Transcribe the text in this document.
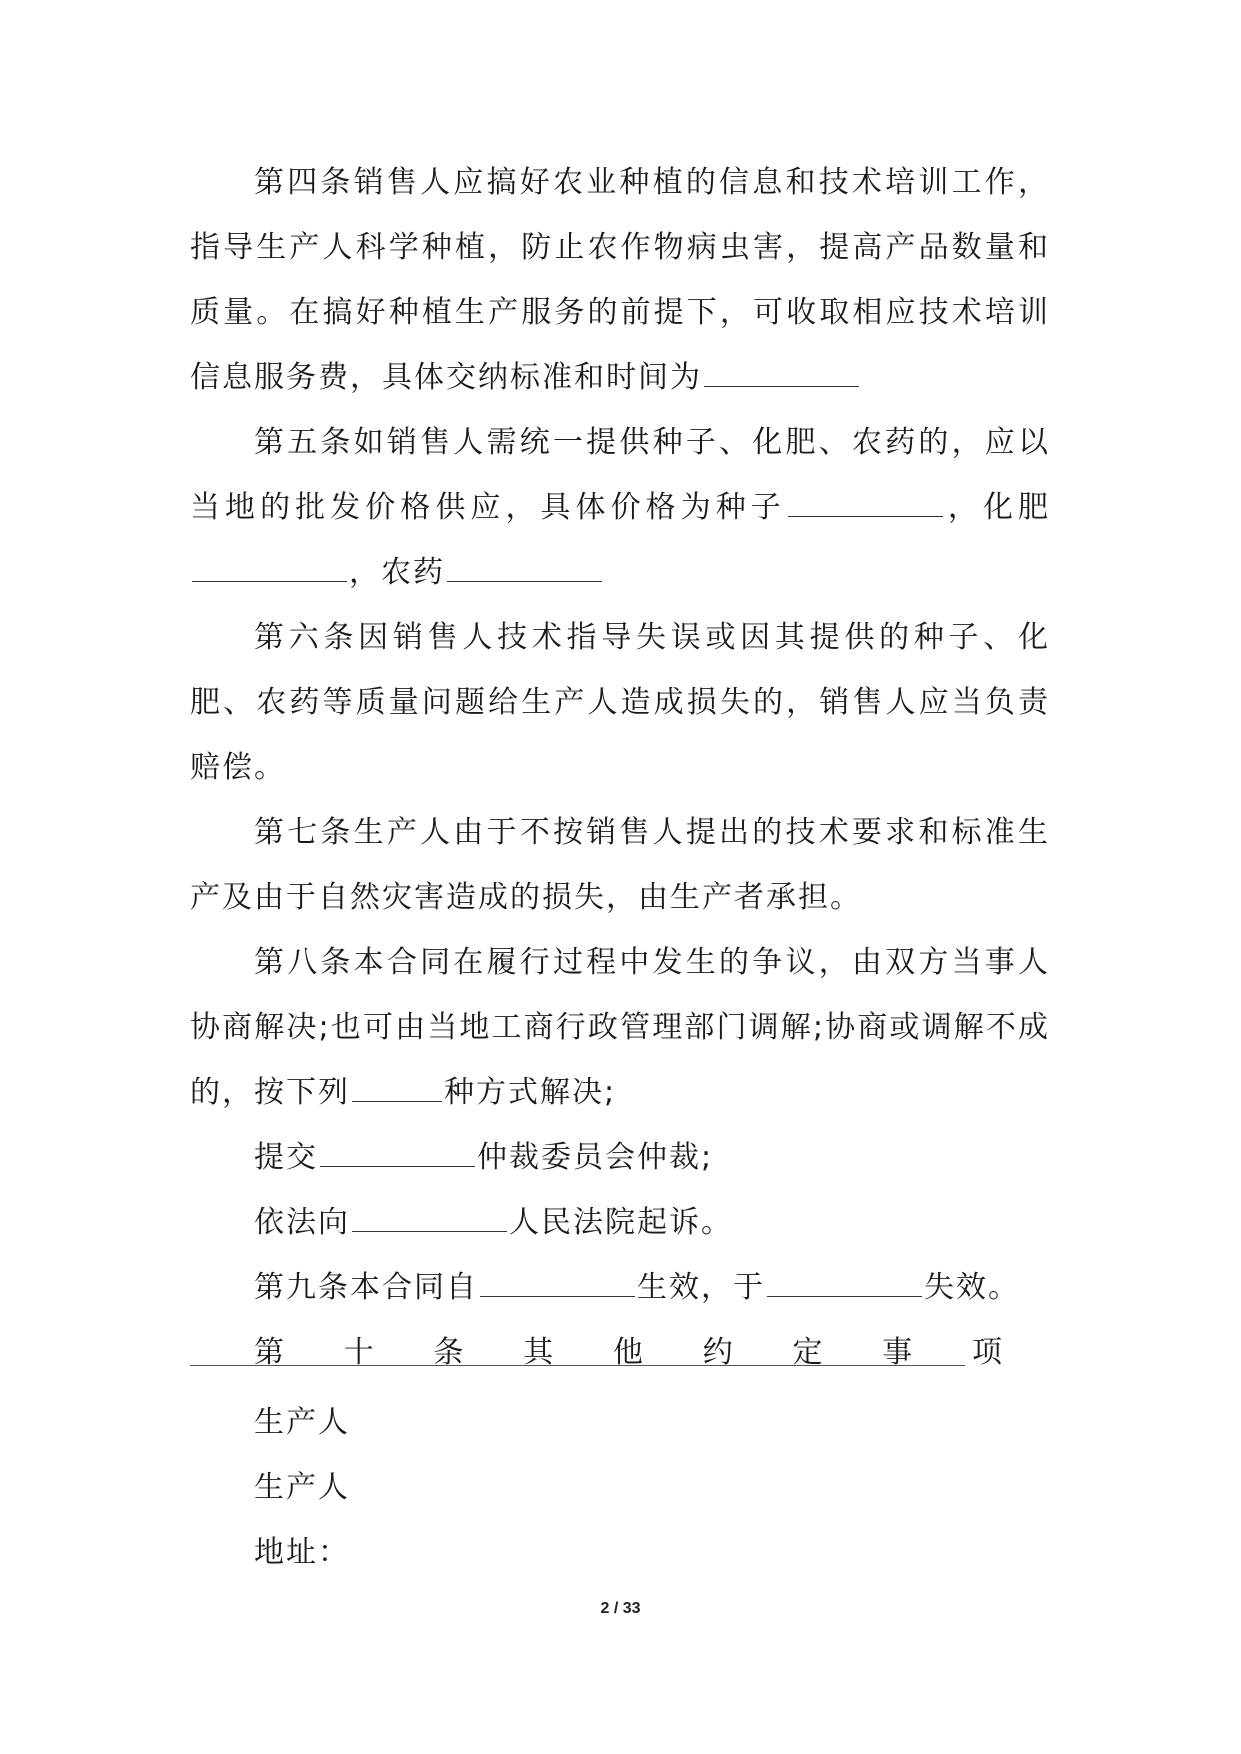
第四条销售人应搞好农业种植的信息和技术培训工作，指导生产人科学种植，防止农作物病虫害，提高产品数量和质量。在搞好种植生产服务的前提下，可收取相应技术培训信息服务费，具体交纳标准和时间为

第五条如销售人需统一提供种子、化肥、农药的，应以当地的批发价格供应，具体价格为种子	，化肥，农药

第六条因销售人技术指导失误或因其提供的种子、化肥、农药等质量问题给生产人造成损失的，销售人应当负责赔偿。

第七条生产人由于不按销售人提出的技术要求和标准生产及由于自然灾害造成的损失，由生产者承担。

第八条本合同在履行过程中发生的争议，由双方当事人协商解决;也可由当地工商行政管理部门调解;协商或调解不成的，按下列	种方式解决;

提交	仲裁委员会仲裁;

依法向	人民法院起诉。

第九条本合同自	生效，于	失效。

第十条其他约定事项

生产人
生产人
地址：
2 / 33
